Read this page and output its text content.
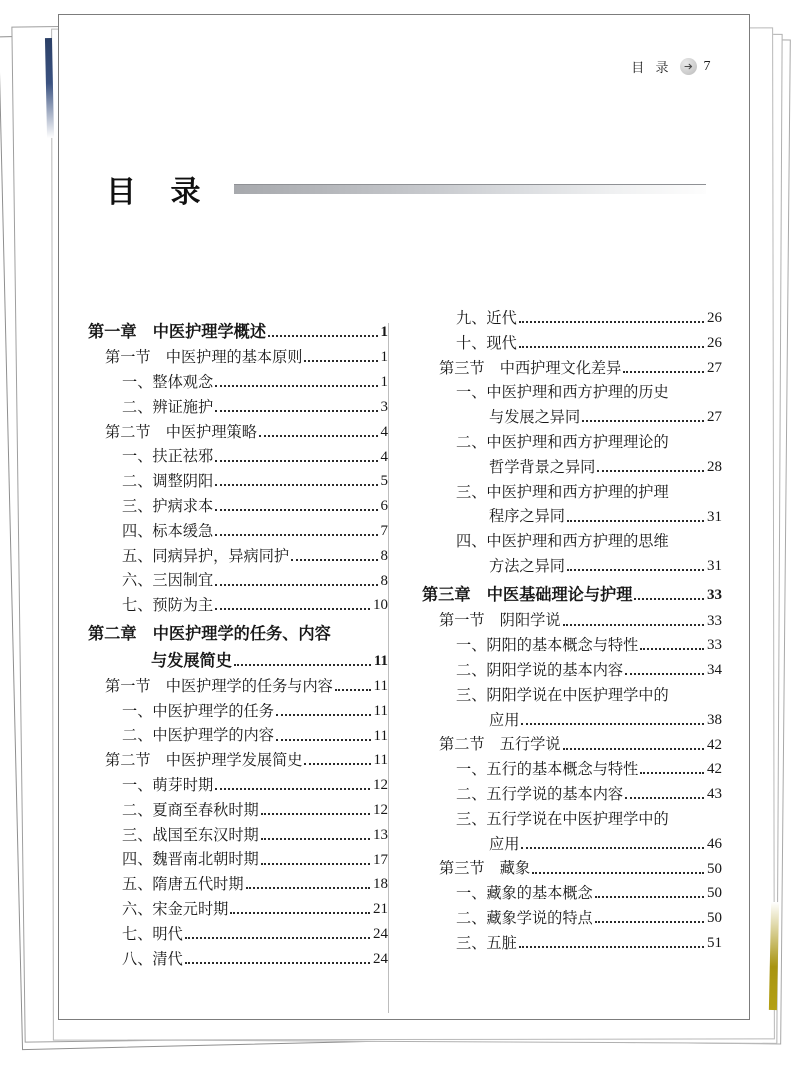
目 录 7
目 录
第一章　中医护理学概述	1
第一节　中医护理的基本原则	1
一、整体观念	1
二、辨证施护	3
第二节　中医护理策略	4
一、扶正祛邪	4
二、调整阴阳	5
三、护病求本	6
四、标本缓急	7
五、同病异护，异病同护	8
六、三因制宜	8
七、预防为主	10
第二章　中医护理学的任务、内容
与发展简史	11
第一节　中医护理学的任务与内容	11
一、中医护理学的任务	11
二、中医护理学的内容	11
第二节　中医护理学发展简史	11
一、萌芽时期	12
二、夏商至春秋时期	12
三、战国至东汉时期	13
四、魏晋南北朝时期	17
五、隋唐五代时期	18
六、宋金元时期	21
七、明代	24
八、清代	24
九、近代	26
十、现代	26
第三节　中西护理文化差异	27
一、中医护理和西方护理的历史
与发展之异同	27
二、中医护理和西方护理理论的
哲学背景之异同	28
三、中医护理和西方护理的护理
程序之异同	31
四、中医护理和西方护理的思维
方法之异同	31
第三章　中医基础理论与护理	33
第一节　阴阳学说	33
一、阴阳的基本概念与特性	33
二、阴阳学说的基本内容	34
三、阴阳学说在中医护理学中的
应用	38
第二节　五行学说	42
一、五行的基本概念与特性	42
二、五行学说的基本内容	43
三、五行学说在中医护理学中的
应用	46
第三节　藏象	50
一、藏象的基本概念	50
二、藏象学说的特点	50
三、五脏	51
